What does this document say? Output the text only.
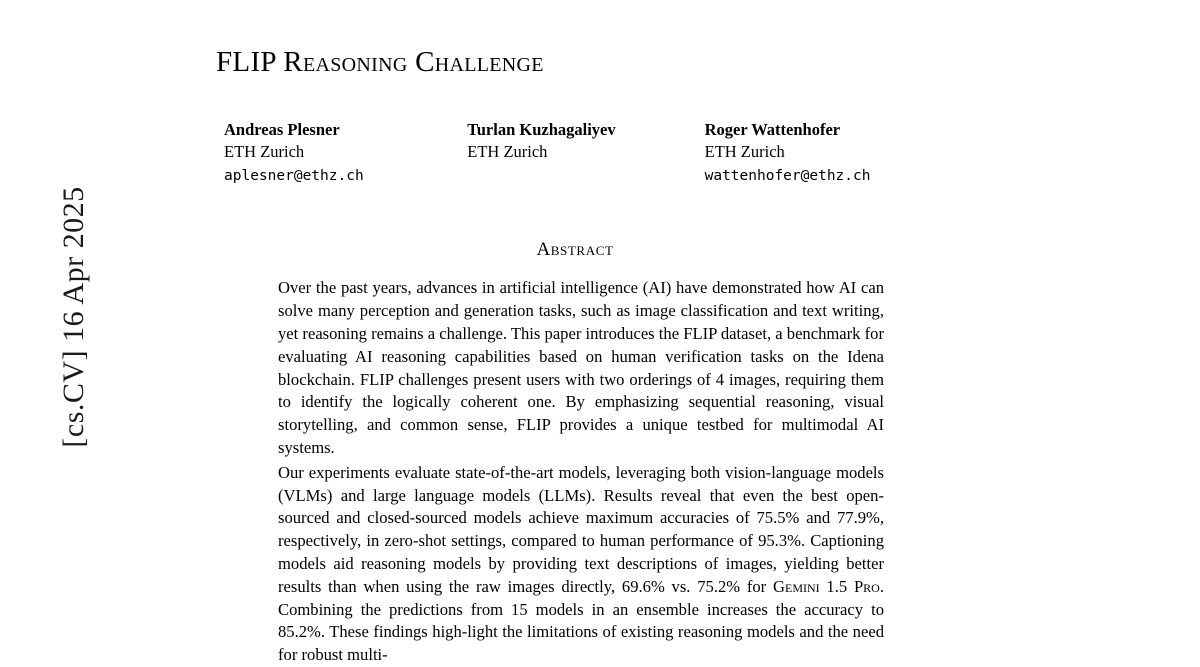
[cs.CV] 16 Apr 2025
FLIP Reasoning Challenge
Andreas Plesner
ETH Zurich
aplesner@ethz.ch
Turlan Kuzhagaliyev
ETH Zurich
Roger Wattenhofer
ETH Zurich
wattenhofer@ethz.ch
Abstract

Over the past years, advances in artificial intelligence (AI) have demonstrated how AI can solve many perception and generation tasks, such as image classification and text writing, yet reasoning remains a challenge. This paper introduces the FLIP dataset, a benchmark for evaluating AI reasoning capabilities based on human verification tasks on the Idena blockchain. FLIP challenges present users with two orderings of 4 images, requiring them to identify the logically coherent one. By emphasizing sequential reasoning, visual storytelling, and common sense, FLIP provides a unique testbed for multimodal AI systems.

Our experiments evaluate state-of-the-art models, leveraging both vision-language models (VLMs) and large language models (LLMs). Results reveal that even the best open-sourced and closed-sourced models achieve maximum accuracies of 75.5% and 77.9%, respectively, in zero-shot settings, compared to human performance of 95.3%. Captioning models aid reasoning models by providing text descriptions of images, yielding better results than when using the raw images directly, 69.6% vs. 75.2% for Gemini 1.5 Pro. Combining the predictions from 15 models in an ensemble increases the accuracy to 85.2%. These findings high-light the limitations of existing reasoning models and the need for robust multi-
